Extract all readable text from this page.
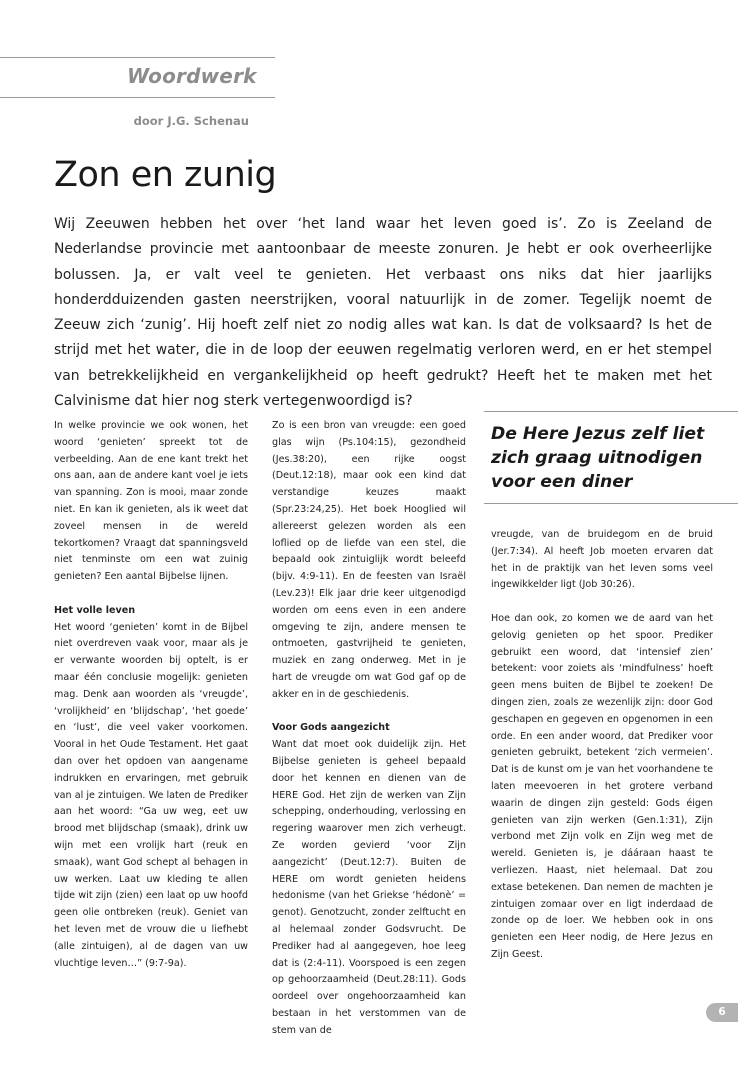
Woordwerk
door J.G. Schenau
Zon en zunig

Wij Zeeuwen hebben het over ‘het land waar het leven goed is’. Zo is Zeeland de Nederlandse provincie met aantoonbaar de meeste zonuren. Je hebt er ook overheerlijke bolussen. Ja, er valt veel te genieten. Het verbaast ons niks dat hier jaarlijks honderdduizenden gasten neerstrijken, vooral natuurlijk in de zomer. Tegelijk noemt de Zeeuw zich ‘zunig’. Hij hoeft zelf niet zo nodig alles wat kan. Is dat de volksaard? Is het de strijd met het water, die in de loop der eeuwen regelmatig verloren werd, en er het stempel van betrekkelijkheid en vergankelijkheid op heeft gedrukt? Heeft het te maken met het Calvinisme dat hier nog sterk vertegenwoordigd is?

In welke provincie we ook wonen, het woord ‘genieten’ spreekt tot de verbeelding. Aan de ene kant trekt het ons aan, aan de andere kant voel je iets van spanning. Zon is mooi, maar zonde niet. En kan ik genieten, als ik weet dat zoveel mensen in de wereld tekortkomen? Vraagt dat spanningsveld niet tenminste om een wat zuinig genieten? Een aantal Bijbelse lijnen.

Het volle leven

Het woord ‘genieten’ komt in de Bijbel niet overdreven vaak voor, maar als je er verwante woorden bij optelt, is er maar één conclusie mogelijk: genieten mag. Denk aan woorden als ‘vreugde’, ‘vrolijkheid’ en ‘blijdschap’, ‘het goede’ en ‘lust’, die veel vaker voorkomen. Vooral in het Oude Testament. Het gaat dan over het opdoen van aangename indrukken en ervaringen, met gebruik van al je zintuigen. We laten de Prediker aan het woord: “Ga uw weg, eet uw brood met blijdschap (smaak), drink uw wijn met een vrolijk hart (reuk en smaak), want God schept al behagen in uw werken. Laat uw kleding te allen tijde wit zijn (zien) een laat op uw hoofd geen olie ontbreken (reuk). Geniet van het leven met de vrouw die u liefhebt (alle zintuigen), al de dagen van uw vluchtige leven…” (9:7-9a).

Zo is een bron van vreugde: een goed glas wijn (Ps.104:15), gezondheid (Jes.38:20), een rijke oogst (Deut.12:18), maar ook een kind dat verstandige keuzes maakt (Spr.23:24,25). Het boek Hooglied wil allereerst gelezen worden als een loflied op de liefde van een stel, die bepaald ook zintuiglijk wordt beleefd (bijv. 4:9-11). En de feesten van Israël (Lev.23)! Elk jaar drie keer uitgenodigd worden om eens even in een andere omgeving te zijn, andere mensen te ontmoeten, gastvrijheid te genieten, muziek en zang onderweg. Met in je hart de vreugde om wat God gaf op de akker en in de geschiedenis.

Voor Gods aangezicht

Want dat moet ook duidelijk zijn. Het Bijbelse genieten is geheel bepaald door het kennen en dienen van de HERE God. Het zijn de werken van Zijn schepping, onderhouding, verlossing en regering waarover men zich verheugt. Ze worden gevierd ‘voor Zijn aangezicht’ (Deut.12:7). Buiten de HERE om wordt genieten heidens hedonisme (van het Griekse ‘hédonè’ = genot). Genotzucht, zonder zelftucht en al helemaal zonder Godsvrucht. De Prediker had al aangegeven, hoe leeg dat is (2:4-11). Voorspoed is een zegen op gehoorzaamheid (Deut.28:11). Gods oordeel over ongehoorzaamheid kan bestaan in het verstommen van de stem van de

De Here Jezus zelf liet zich graag uitnodigen voor een diner

vreugde, van de bruidegom en de bruid (Jer.7:34). Al heeft Job moeten ervaren dat het in de praktijk van het leven soms veel ingewikkelder ligt (Job 30:26).

Hoe dan ook, zo komen we de aard van het gelovig genieten op het spoor. Prediker gebruikt een woord, dat ‘intensief zien’ betekent: voor zoiets als ‘mindfulness’ hoeft geen mens buiten de Bijbel te zoeken! De dingen zien, zoals ze wezenlijk zijn: door God geschapen en gegeven en opgenomen in een orde. En een ander woord, dat Prediker voor genieten gebruikt, betekent ‘zich vermeien’. Dat is de kunst om je van het voorhandene te laten meevoeren in het grotere verband waarin de dingen zijn gesteld: Gods éigen genieten van zijn werken (Gen.1:31), Zijn verbond met Zijn volk en Zijn weg met de wereld. Genieten is, je dááraan haast te verliezen. Haast, niet helemaal. Dat zou extase betekenen. Dan nemen de machten je zintuigen zomaar over en ligt inderdaad de zonde op de loer. We hebben ook in ons genieten een Heer nodig, de Here Jezus en Zijn Geest.

6
